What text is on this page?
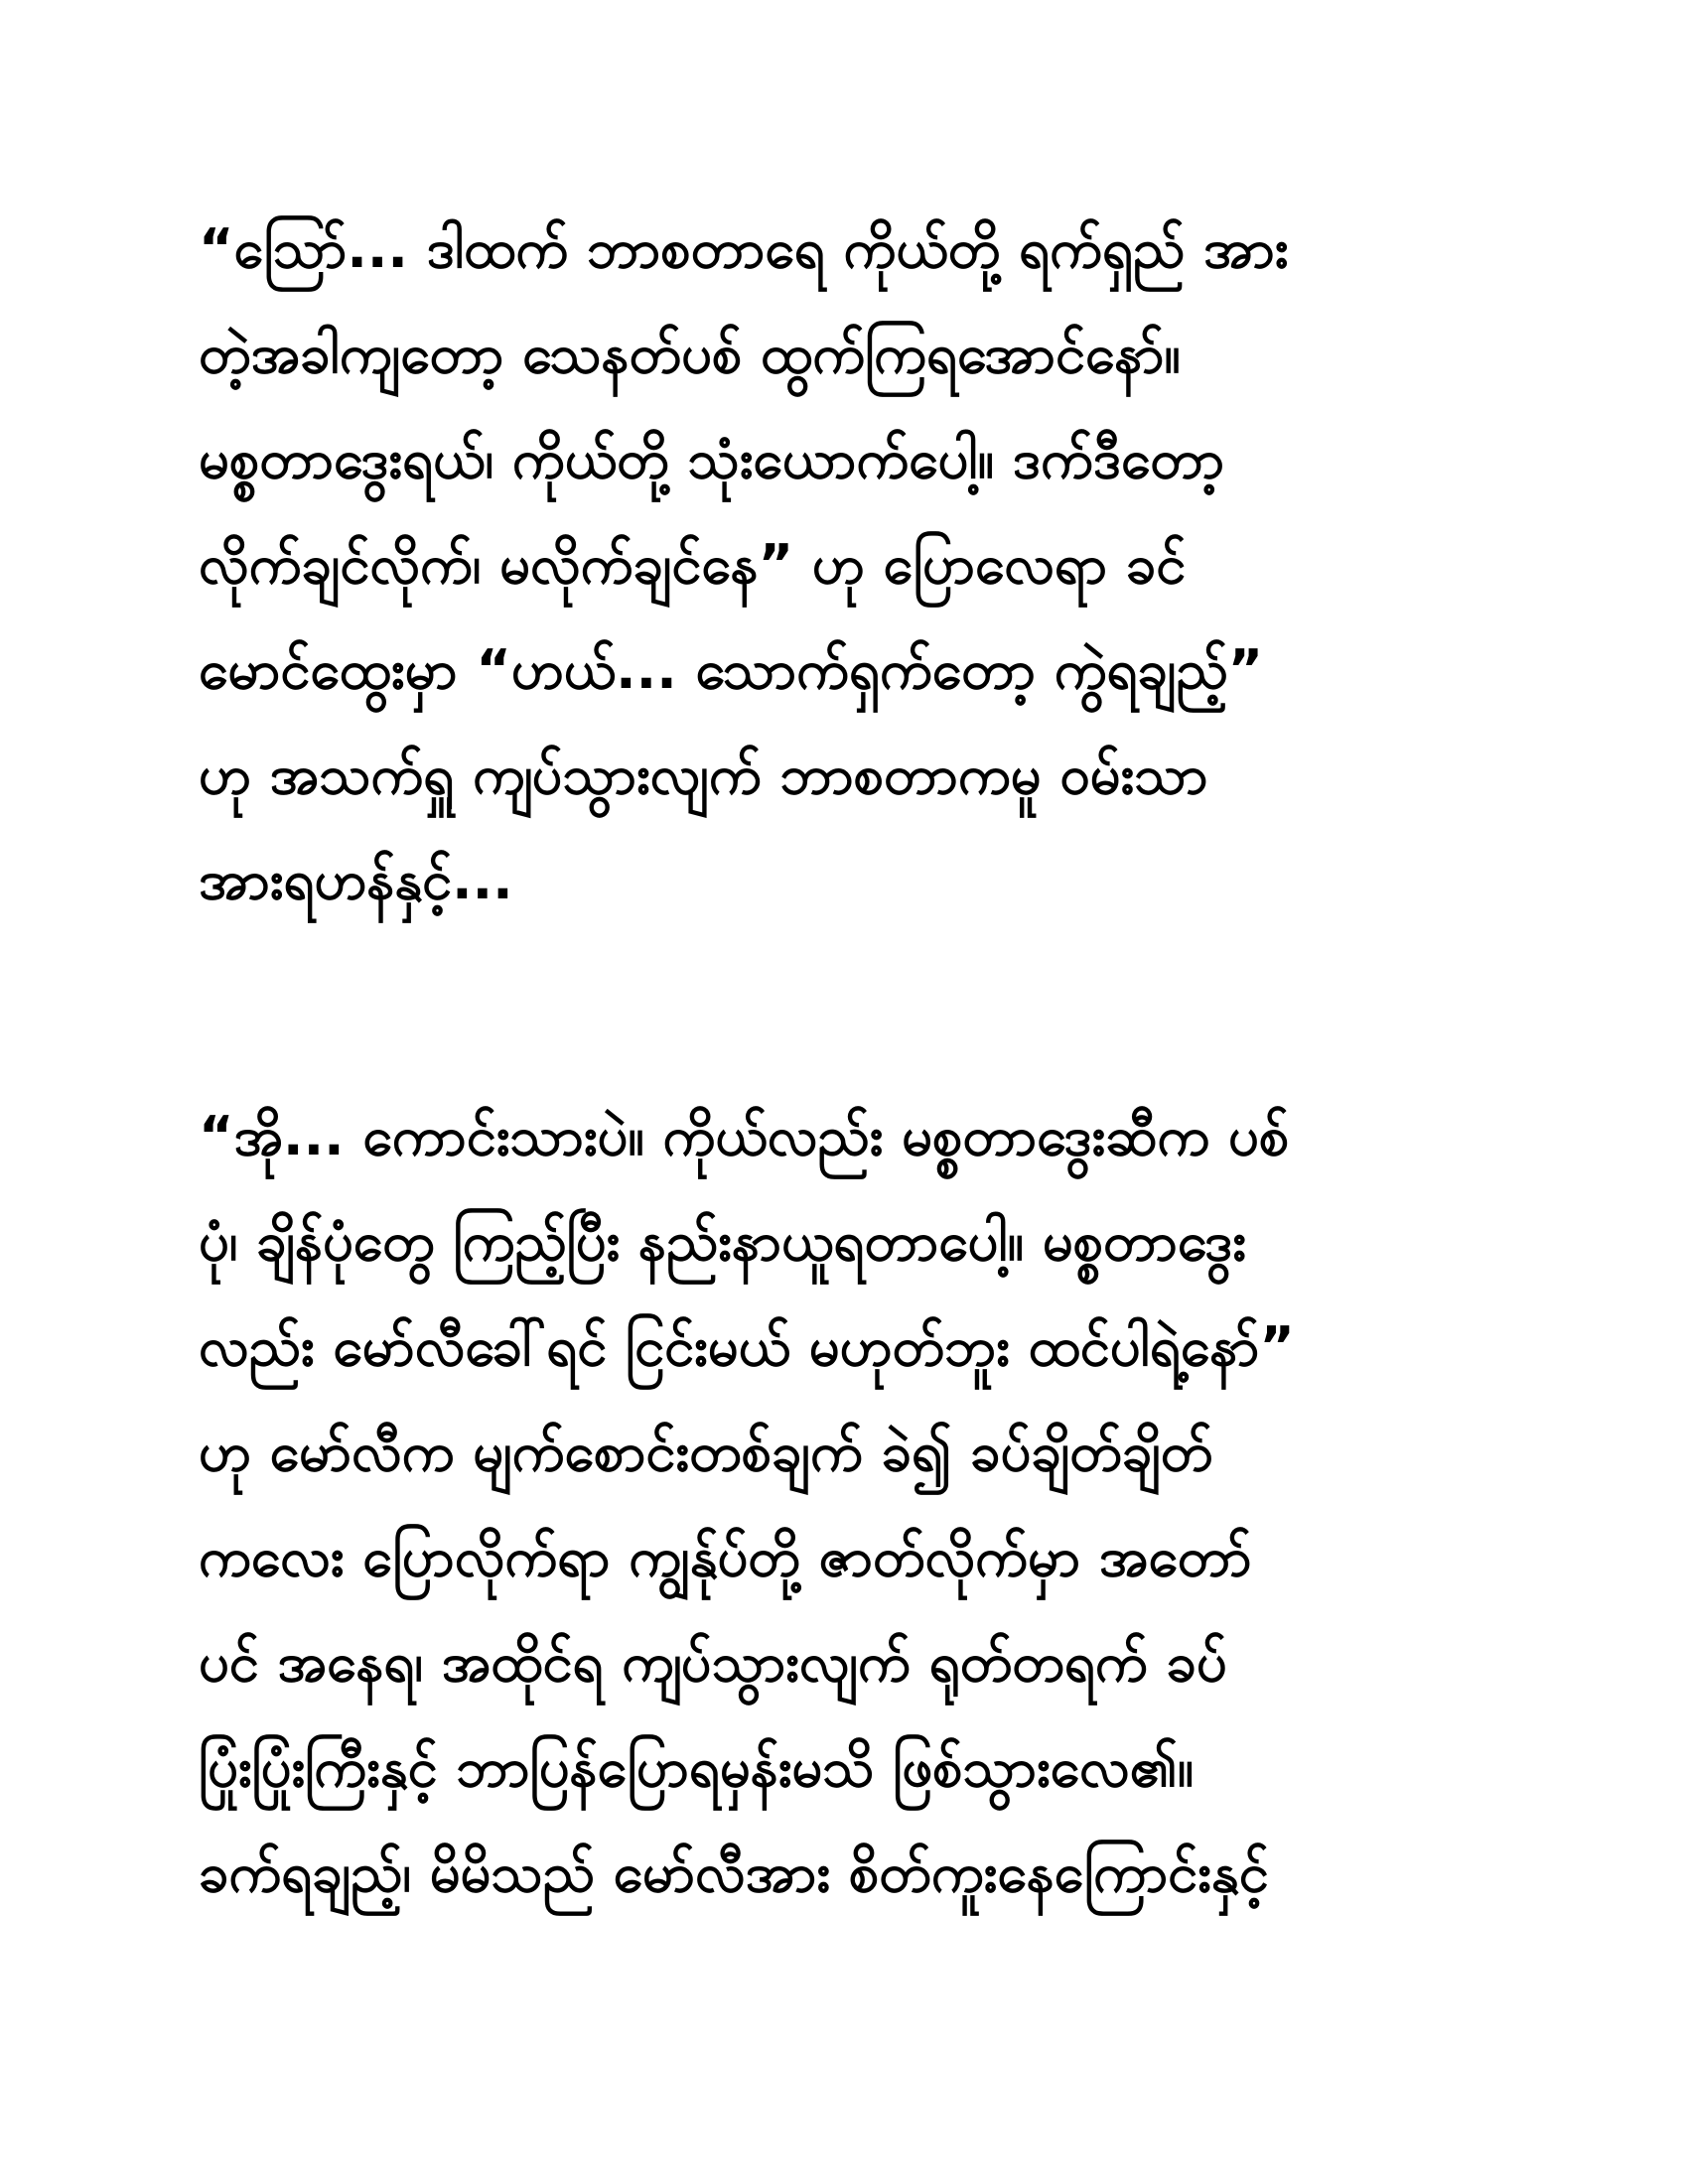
“သြော်... ဒါထက် ဘာစတာရေ ကိုယ်တို့ ရက်ရှည် အား
တဲ့အခါကျတော့ သေနတ်ပစ် ထွက်ကြရအောင်နော်။
မစ္စတာဒွေးရယ်၊ ကိုယ်တို့ သုံးယောက်ပေါ့။ ဒက်ဒီတော့
လိုက်ချင်လိုက်၊ မလိုက်ချင်နေ” ဟု ပြောလေရာ ခင်
မောင်ထွေးမှာ “ဟယ်... သောက်ရှက်တော့ ကွဲရချည့်”
ဟု အသက်ရှူ ကျပ်သွားလျက် ဘာစတာကမူ ဝမ်းသာ
အားရဟန်နှင့်...
“အို... ကောင်းသားပဲ။ ကိုယ်လည်း မစ္စတာဒွေးဆီက ပစ်
ပုံ၊ ချိန်ပုံတွေ ကြည့်ပြီး နည်းနာယူရတာပေါ့။ မစ္စတာဒွေး
လည်း မော်လီခေါ်ရင် ငြင်းမယ် မဟုတ်ဘူး ထင်ပါရဲ့နော်”
ဟု မော်လီက မျက်စောင်းတစ်ချက် ခဲ၍ ခပ်ချိတ်ချိတ်
ကလေး ပြောလိုက်ရာ ကျွန်ုပ်တို့ ဇာတ်လိုက်မှာ အတော်
ပင် အနေရ၊ အထိုင်ရ ကျပ်သွားလျက် ရုတ်တရက် ခပ်
ပြုံးပြုံးကြီးနှင့် ဘာပြန်ပြောရမှန်းမသိ ဖြစ်သွားလေ၏။
ခက်ရချည့်၊ မိမိသည် မော်လီအား စိတ်ကူးနေကြောင်းနှင့်
